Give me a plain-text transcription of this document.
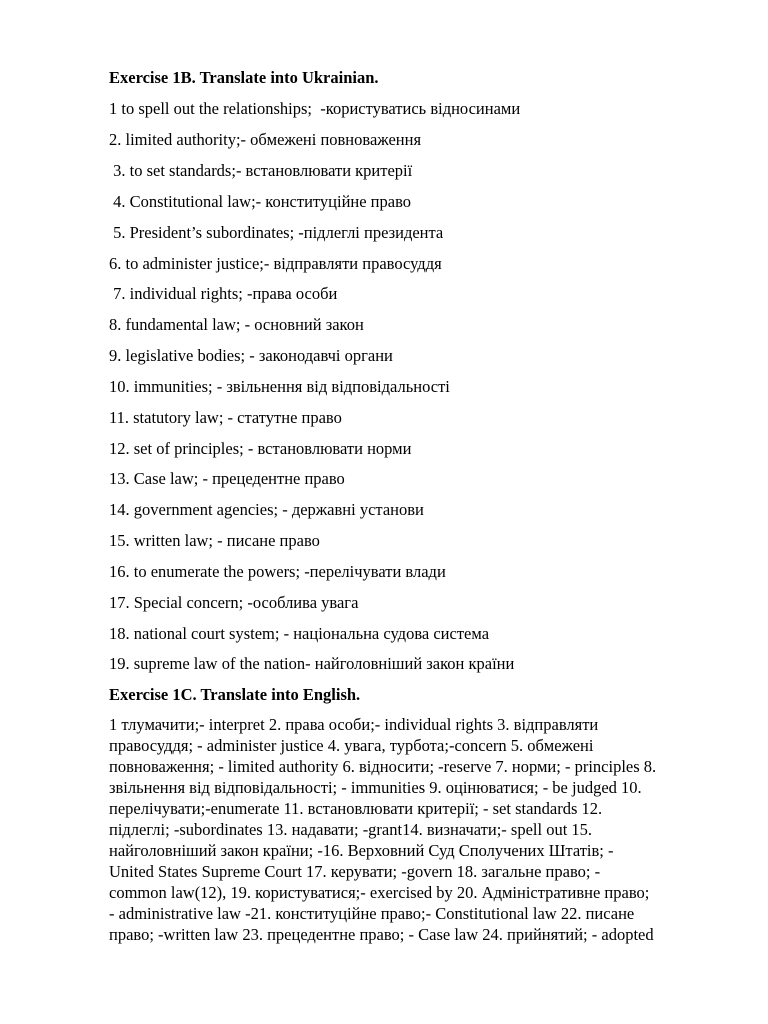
Exercise 1B. Translate into Ukrainian.
1 to spell out the relationships;  -користуватись відносинами
2. limited authority;- обмежені повноваження
3. to set standards;- встановлювати критерії
4. Constitutional law;- конституційне право
5. President’s subordinates; -підлеглі президента
6. to administer justice;- відправляти правосуддя
7. individual rights; -права особи
8. fundamental law; - основний закон
9. legislative bodies; - законодавчі органи
10. immunities; - звільнення від відповідальності
11. statutory law; - статутне право
12. set of principles; - встановлювати норми
13. Case law; - прецедентне право
14. government agencies; - державні установи
15. written law; - писане право
16. to enumerate the powers; -перелічувати влади
17. Special concern; -особлива увага
18. national court system; - національна судова система
19. supreme law of the nation- найголовніший закон країни
Exercise 1C. Translate into English.
1 тлумачити;- interpret 2. права особи;- individual rights 3. відправляти
правосуддя; - administer justice 4. увага, турбота;-concern 5. обмежені
повноваження; - limited authority 6. відносити; -reserve 7. норми; - principles 8.
звільнення від відповідальності; - immunities 9. оцінюватися; - be judged 10.
перелічувати;-enumerate 11. встановлювати критерії; - set standards 12.
підлеглі; -subordinates 13. надавати; -grant14. визначати;- spell out 15.
найголовніший закон країни; -16. Верховний Суд Сполучених Штатів; -
United States Supreme Court 17. керувати; -govern 18. загальне право; -
common law(12), 19. користуватися;- exercised by 20. Адміністративне право;
- administrative law -21. конституційне право;- Constitutional law 22. писане
право; -written law 23. прецедентне право; - Case law 24. прийнятий; - adopted
